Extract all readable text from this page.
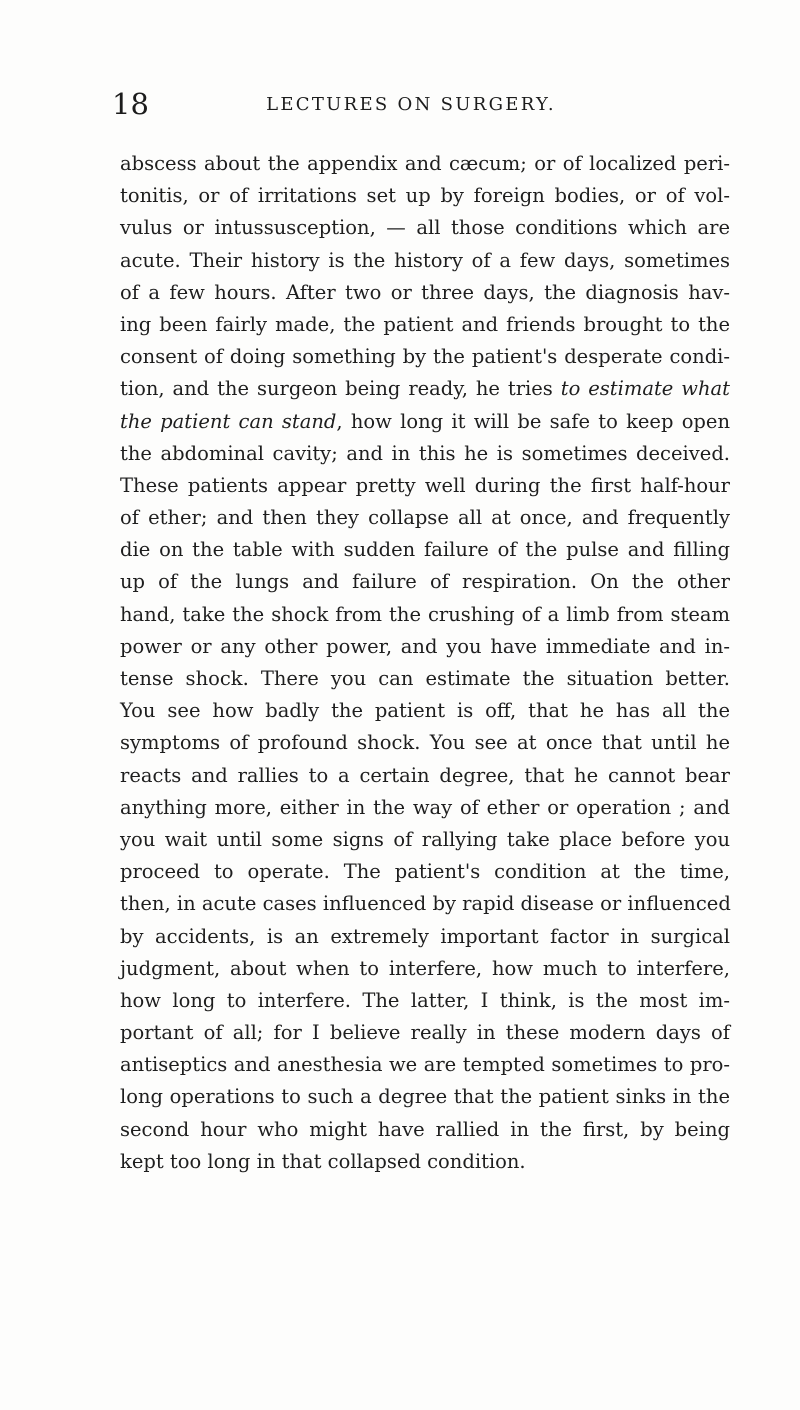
18	LECTURES ON SURGERY.
abscess about the appendix and cæcum; or of localized peri-
tonitis, or of irritations set up by foreign bodies, or of vol-
vulus or intussusception, — all those conditions which are
acute. Their history is the history of a few days, sometimes
of a few hours. After two or three days, the diagnosis hav-
ing been fairly made, the patient and friends brought to the
consent of doing something by the patient's desperate condi-
tion, and the surgeon being ready, he tries to estimate what
the patient can stand, how long it will be safe to keep open
the abdominal cavity; and in this he is sometimes deceived.
These patients appear pretty well during the first half-hour
of ether; and then they collapse all at once, and frequently
die on the table with sudden failure of the pulse and filling
up of the lungs and failure of respiration. On the other
hand, take the shock from the crushing of a limb from steam
power or any other power, and you have immediate and in-
tense shock. There you can estimate the situation better.
You see how badly the patient is off, that he has all the
symptoms of profound shock. You see at once that until he
reacts and rallies to a certain degree, that he cannot bear
anything more, either in the way of ether or operation ; and
you wait until some signs of rallying take place before you
proceed to operate. The patient's condition at the time,
then, in acute cases influenced by rapid disease or influenced
by accidents, is an extremely important factor in surgical
judgment, about when to interfere, how much to interfere,
how long to interfere. The latter, I think, is the most im-
portant of all; for I believe really in these modern days of
antiseptics and anesthesia we are tempted sometimes to pro-
long operations to such a degree that the patient sinks in the
second hour who might have rallied in the first, by being
kept too long in that collapsed condition.
